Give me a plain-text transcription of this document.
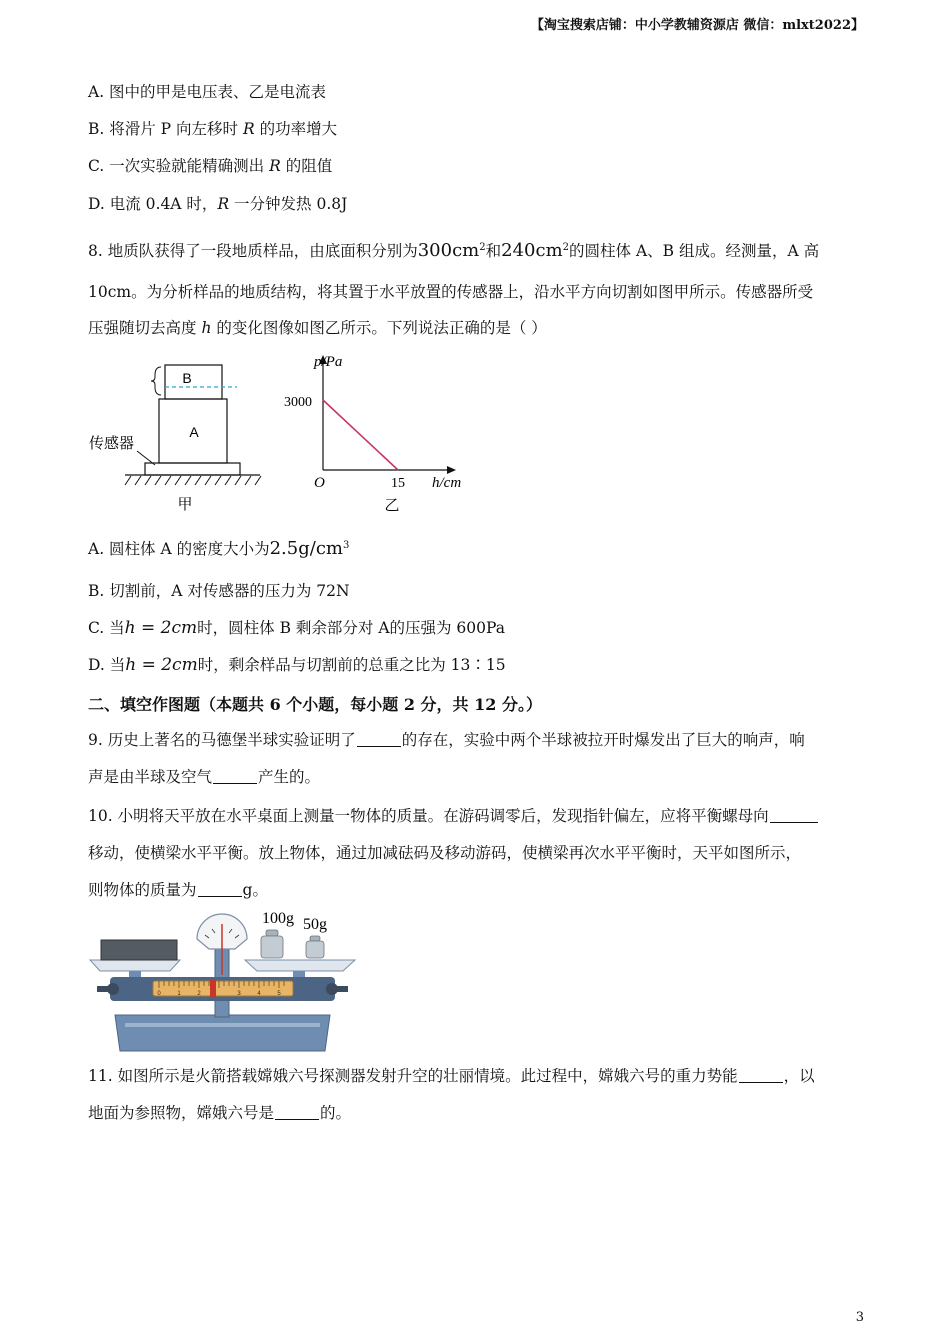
【淘宝搜索店铺：中小学教辅资源店 微信：mlxt2022】
A. 图中的甲是电压表、乙是电流表
B. 将滑片 P 向左移时 R 的功率增大
C. 一次实验就能精确测出 R 的阻值
D. 电流 0.4A 时，R 一分钟发热 0.8J
8. 地质队获得了一段地质样品，由底面积分别为$300cm^2$和$240cm^2$的圆柱体 A、B 组成。经测量，A 高
10cm。为分析样品的地质结构，将其置于水平放置的传感器上，沿水平方向切割如图甲所示。传感器所受
压强随切去高度 h 的变化图像如图乙所示。下列说法正确的是（ ）
B
A
传感器
甲
p/Pa
3000
O	15 h/cm
乙
A. 圆柱体 A 的密度大小为$2.5g/cm^3$
B. 切割前，A 对传感器的压力为 72N
C. 当h = 2cm时，圆柱体 B 剩余部分对 A的压强为 600Pa
D. 当h = 2cm时，剩余样品与切割前的总重之比为 13∶15
二、填空作图题（本题共 6 个小题，每小题 2 分，共 12 分。）
9. 历史上著名的马德堡半球实验证明了	的存在，实验中两个半球被拉开时爆发出了巨大的响声，响
声是由半球及空气	产生的。
10. 小明将天平放在水平桌面上测量一物体的质量。在游码调零后，发现指针偏左，应将平衡螺母向
移动，使横梁水平平衡。放上物体，通过加减砝码及移动游码，使横梁再次水平平衡时，天平如图所示，
则物体的质量为	g。
0	1	2	3	4	5
100g 50g
11. 如图所示是火箭搭载嫦娥六号探测器发射升空的壮丽情境。此过程中，嫦娥六号的重力势能	，以
地面为参照物，嫦娥六号是	的。
3
